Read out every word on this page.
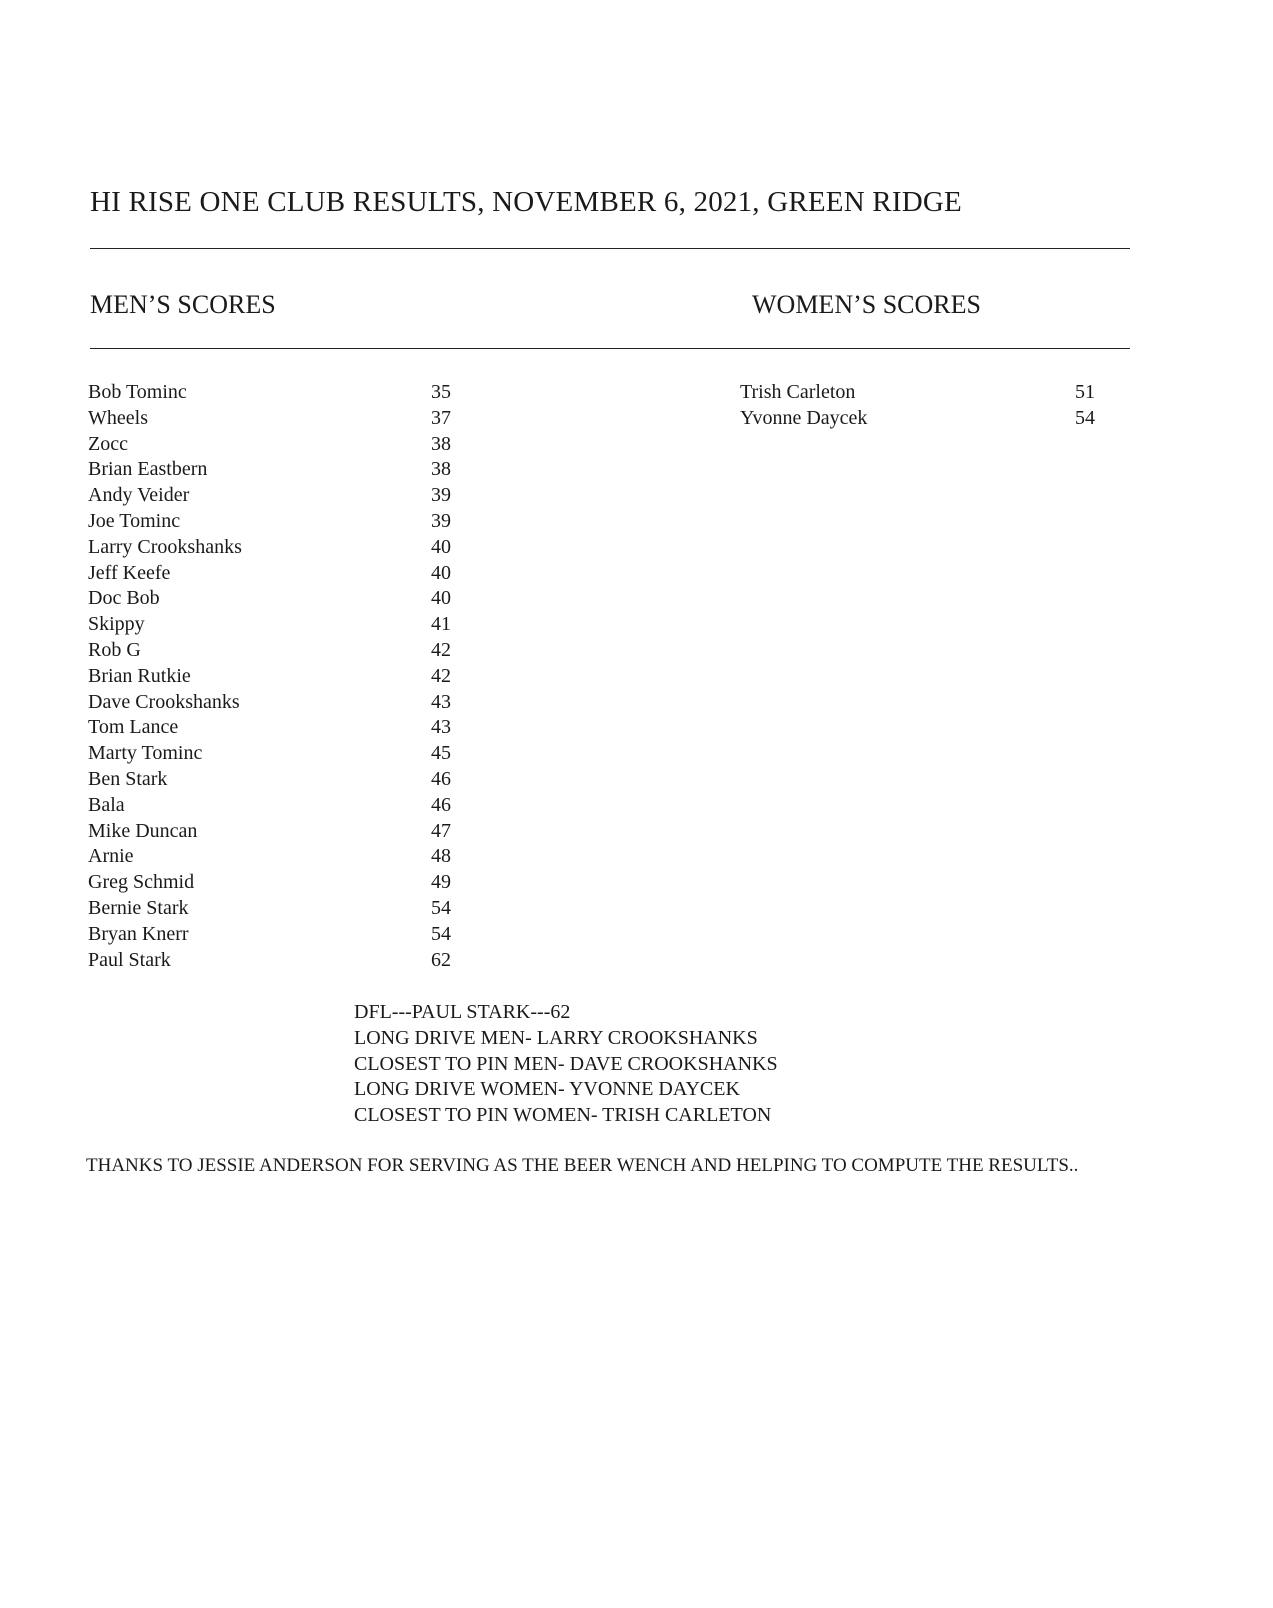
HI RISE ONE CLUB RESULTS, NOVEMBER 6, 2021, GREEN RIDGE
MEN’S SCORES	WOMEN’S SCORES
Bob Tominc	35
Wheels	37
Zocc	38
Brian Eastbern	38
Andy Veider	39
Joe Tominc	39
Larry Crookshanks	40
Jeff Keefe	40
Doc Bob	40
Skippy	41
Rob G	42
Brian Rutkie	42
Dave Crookshanks	43
Tom Lance	43
Marty Tominc	45
Ben Stark	46
Bala	46
Mike Duncan	47
Arnie	48
Greg Schmid	49
Bernie Stark	54
Bryan Knerr	54
Paul Stark	62
Trish Carleton	51
Yvonne Daycek	54
DFL---PAUL STARK---62
LONG DRIVE MEN- LARRY CROOKSHANKS
CLOSEST TO PIN MEN- DAVE CROOKSHANKS
LONG DRIVE WOMEN- YVONNE DAYCEK
CLOSEST TO PIN WOMEN- TRISH CARLETON
THANKS TO JESSIE ANDERSON FOR SERVING AS THE BEER WENCH AND HELPING TO COMPUTE THE RESULTS..
